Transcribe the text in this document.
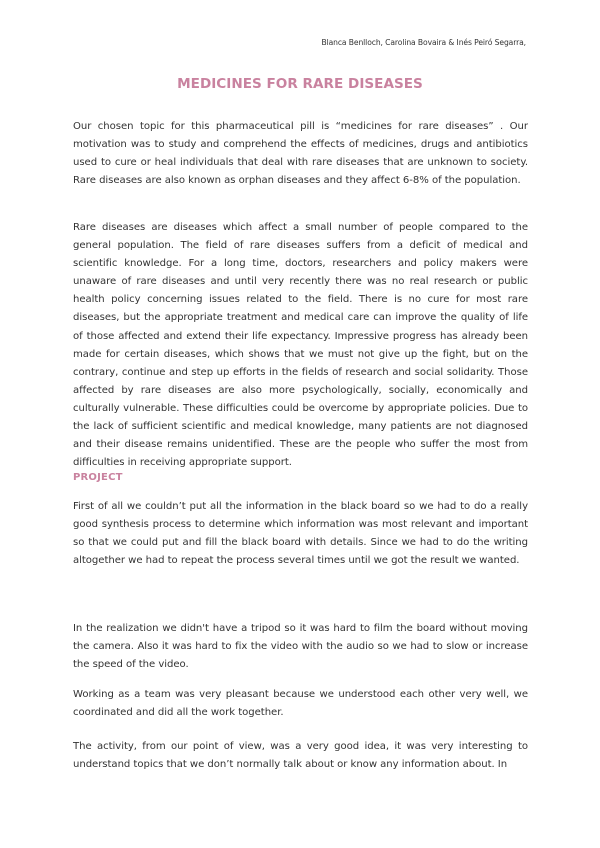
Blanca Benlloch, Carolina Bovaira & Inés Peiró Segarra,
MEDICINES FOR RARE DISEASES

Our chosen topic for this pharmaceutical pill is “medicines for rare diseases” . Our motivation was to study and comprehend the effects of medicines, drugs and antibiotics used to cure or heal individuals that deal with rare diseases that are unknown to society. Rare diseases are also known as orphan diseases and they affect 6-8% of the population.

Rare diseases are diseases which affect a small number of people compared to the general population. The field of rare diseases suffers from a deficit of medical and scientific knowledge. For a long time, doctors, researchers and policy makers were unaware of rare diseases and until very recently there was no real research or public health policy concerning issues related to the field. There is no cure for most rare diseases, but the appropriate treatment and medical care can improve the quality of life of those affected and extend their life expectancy. Impressive progress has already been made for certain diseases, which shows that we must not give up the fight, but on the contrary, continue and step up efforts in the fields of research and social solidarity. Those affected by rare diseases are also more psychologically, socially, economically and culturally vulnerable. These difficulties could be overcome by appropriate policies. Due to the lack of sufficient scientific and medical knowledge, many patients are not diagnosed and their disease remains unidentified. These are the people who suffer the most from difficulties in receiving appropriate support.

PROJECT

First of all we couldn’t put all the information in the black board so we had to do a really good synthesis process to determine which information was most relevant and important so that we could put and fill the black board with details. Since we had to do the writing altogether we had to repeat the process several times until we got the result we wanted.

In the realization we didn't have a tripod so it was hard to film the board without moving the camera. Also it was hard to fix the video with the audio so we had to slow or increase the speed of the video.

Working as a team was very pleasant because we understood each other very well, we coordinated and did all the work together.

The activity, from our point of view, was a very good idea, it was very interesting to understand topics that we don’t normally talk about or know any information about. In
